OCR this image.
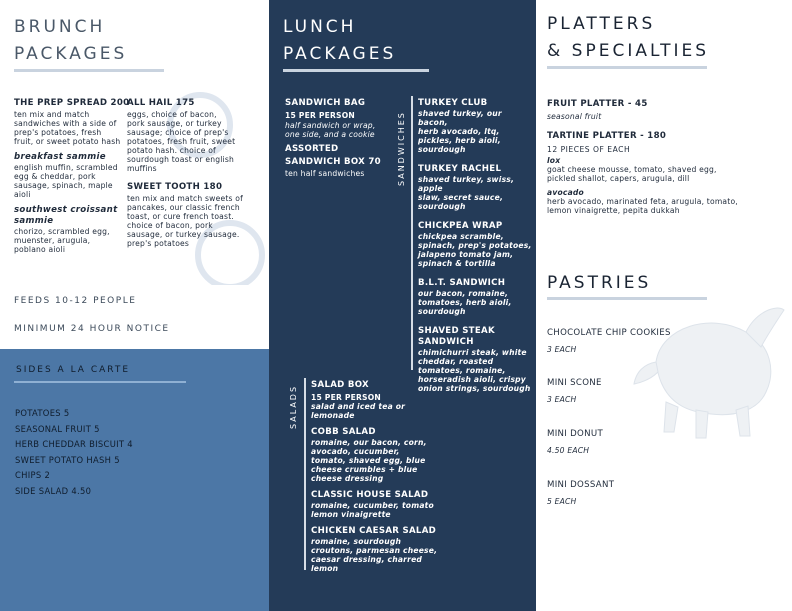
BRUNCH
PACKAGES
THE PREP SPREAD 200
ten mix and match
sandwiches with a side of
prep's potatoes, fresh
fruit, or sweet potato hash
breakfast sammie
english muffin, scrambled
egg & cheddar, pork
sausage, spinach, maple
aioli
southwest croissant
sammie
chorizo, scrambled egg,
muenster, arugula,
poblano aioli
ALL HAIL 175
eggs, choice of bacon,
pork sausage, or turkey
sausage; choice of prep's
potatoes, fresh fruit, sweet
potato hash. choice of
sourdough toast or english
muffins
SWEET TOOTH 180
ten mix and match sweets of
pancakes, our classic french
toast, or cure french toast.
choice of bacon, pork
sausage, or turkey sausage.
prep's potatoes
FEEDS 10-12 PEOPLE
MINIMUM 24 HOUR NOTICE
SIDES A LA CARTE
POTATOES 5
SEASONAL FRUIT 5
HERB CHEDDAR BISCUIT 4
SWEET POTATO HASH 5
CHIPS 2
SIDE SALAD 4.50
LUNCH
PACKAGES
SANDWICH BAG
15 PER PERSON
half sandwich or wrap,
one side, and a cookie
ASSORTED
SANDWICH BOX 70
ten half sandwiches	SANDWICHES
TURKEY CLUB
shaved turkey, our bacon,
herb avocado, ltq,
pickles, herb aioli,
sourdough
TURKEY RACHEL
shaved turkey, swiss, apple
slaw, secret sauce,
sourdough
CHICKPEA WRAP
chickpea scramble,
spinach, prep's potatoes,
jalapeno tomato jam,
spinach & tortilla
B.L.T. SANDWICH
our bacon, romaine,
tomatoes, herb aioli,
sourdough
SHAVED STEAK
SANDWICH
chimichurri steak, white
cheddar, roasted
tomatoes, romaine,
horseradish aioli, crispy
onion strings, sourdough
SALADS SALAD BOX
15 PER PERSON
salad and iced tea or
lemonade
COBB SALAD
romaine, our bacon, corn,
avocado, cucumber,
tomato, shaved egg, blue
cheese crumbles + blue
cheese dressing
CLASSIC HOUSE SALAD
romaine, cucumber, tomato
lemon vinaigrette
CHICKEN CAESAR SALAD
romaine, sourdough
croutons, parmesan cheese,
caesar dressing, charred
lemon
PLATTERS
& SPECIALTIES
FRUIT PLATTER - 45
seasonal fruit
TARTINE PLATTER - 180
12 PIECES OF EACH
lox
goat cheese mousse, tomato, shaved egg,
pickled shallot, capers, arugula, dill
avocado
herb avocado, marinated feta, arugula, tomato,
lemon vinaigrette, pepita dukkah
PASTRIES
CHOCOLATE CHIP COOKIES
3 EACH
MINI SCONE
3 EACH
MINI DONUT
4.50 EACH
MINI DOSSANT
5 EACH
